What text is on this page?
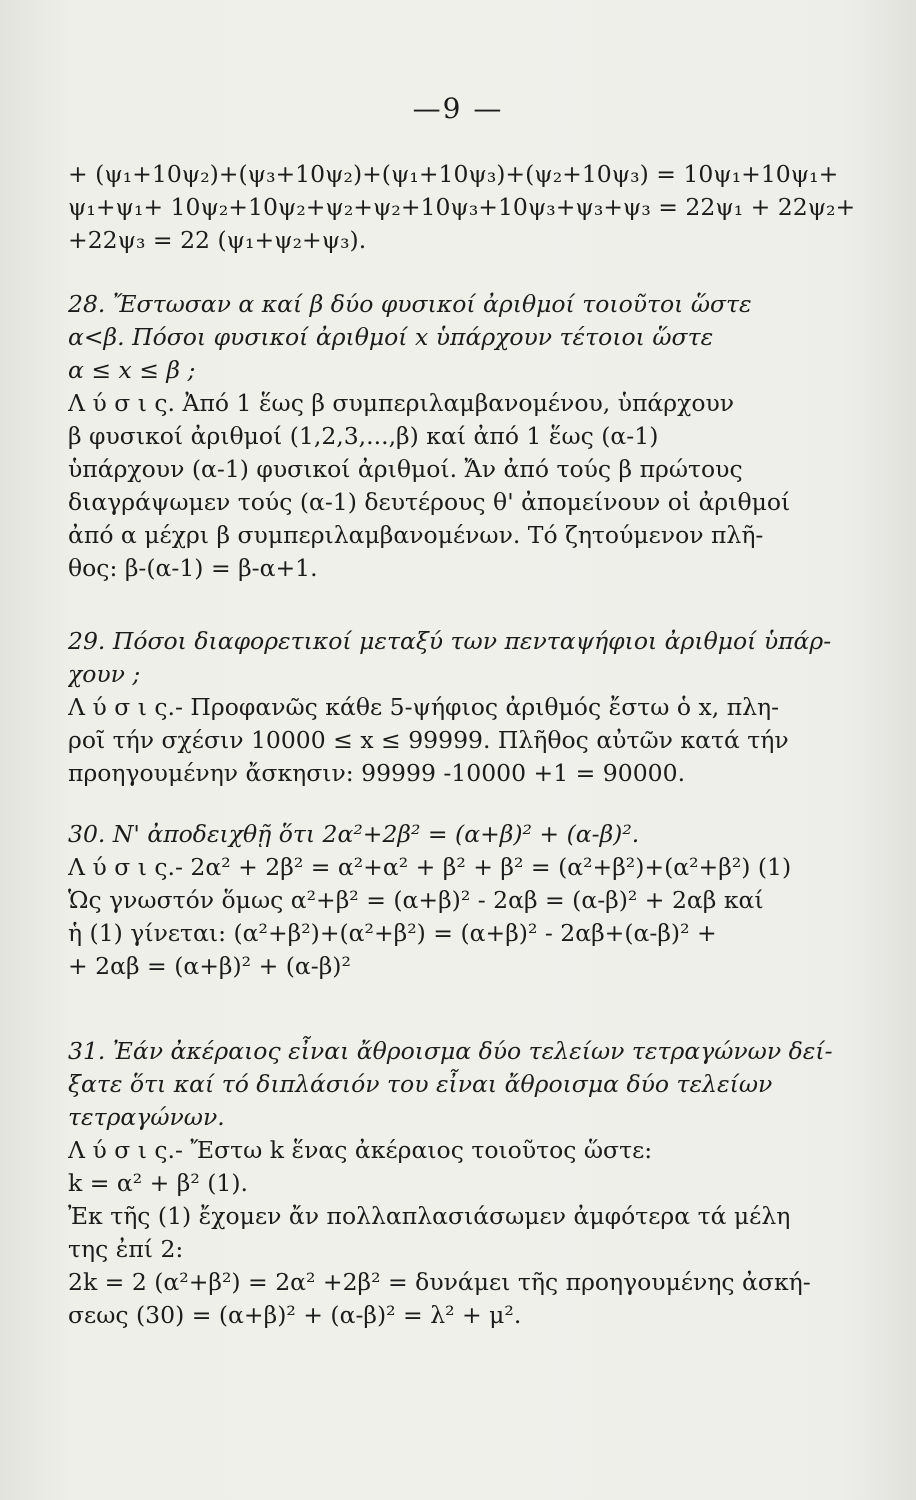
—9 —
+ (ψ₁+10ψ₂)+(ψ₃+10ψ₂)+(ψ₁+10ψ₃)+(ψ₂+10ψ₃) = 10ψ₁+10ψ₁+
ψ₁+ψ₁+ 10ψ₂+10ψ₂+ψ₂+ψ₂+10ψ₃+10ψ₃+ψ₃+ψ₃ = 22ψ₁ + 22ψ₂+
+22ψ₃ = 22 (ψ₁+ψ₂+ψ₃).
28. Ἔστωσαν α καί β δύο φυσικοί ἀριθμοί τοιοῦτοι ὥστε
α<β. Πόσοι φυσικοί ἀριθμοί x ὑπάρχουν τέτοιοι ὥστε
α ≤ x ≤ β ;
Λ ύ σ ι ς. Ἀπό 1 ἕως β συμπεριλαμβανομένου, ὑπάρχουν
β φυσικοί ἀριθμοί (1,2,3,...,β) καί ἀπό 1 ἕως (α-1)
ὑπάρχουν (α-1) φυσικοί ἀριθμοί. Ἄν ἀπό τούς β πρώτους
διαγράψωμεν τούς (α-1) δευτέρους θ' ἀπομείνουν οἱ ἀριθμοί
ἀπό α μέχρι β συμπεριλαμβανομένων. Τό ζητούμενον πλῆ-
θος: β-(α-1) = β-α+1.
29. Πόσοι διαφορετικοί μεταξύ των πενταψήφιοι ἀριθμοί ὑπάρ-
χουν ;
Λ ύ σ ι ς.- Προφανῶς κάθε 5-ψήφιος ἀριθμός ἔστω ὁ x, πλη-
ροῖ τήν σχέσιν 10000 ≤ x ≤ 99999. Πλῆθος αὐτῶν κατά τήν
προηγουμένην ἄσκησιν: 99999 -10000 +1 = 90000.
30. Ν' ἀποδειχθῇ ὅτι 2α²+2β² = (α+β)² + (α-β)².
Λ ύ σ ι ς.- 2α² + 2β² = α²+α² + β² + β² = (α²+β²)+(α²+β²) (1)
Ὡς γνωστόν ὅμως α²+β² = (α+β)² - 2αβ = (α-β)² + 2αβ καί
ἡ (1) γίνεται: (α²+β²)+(α²+β²) = (α+β)² - 2αβ+(α-β)² +
+ 2αβ = (α+β)² + (α-β)²
31. Ἐάν ἀκέραιος εἶναι ἄθροισμα δύο τελείων τετραγώνων δεί-
ξατε ὅτι καί τό διπλάσιόν του εἶναι ἄθροισμα δύο τελείων
τετραγώνων.
Λ ύ σ ι ς.- Ἔστω k ἕνας ἀκέραιος τοιοῦτος ὥστε:
k = α² + β² (1).
Ἐκ τῆς (1) ἔχομεν ἄν πολλαπλασιάσωμεν ἀμφότερα τά μέλη
της ἐπί 2:
2k = 2 (α²+β²) = 2α² +2β² = δυνάμει τῆς προηγουμένης ἀσκή-
σεως (30) = (α+β)² + (α-β)² = λ² + μ².
